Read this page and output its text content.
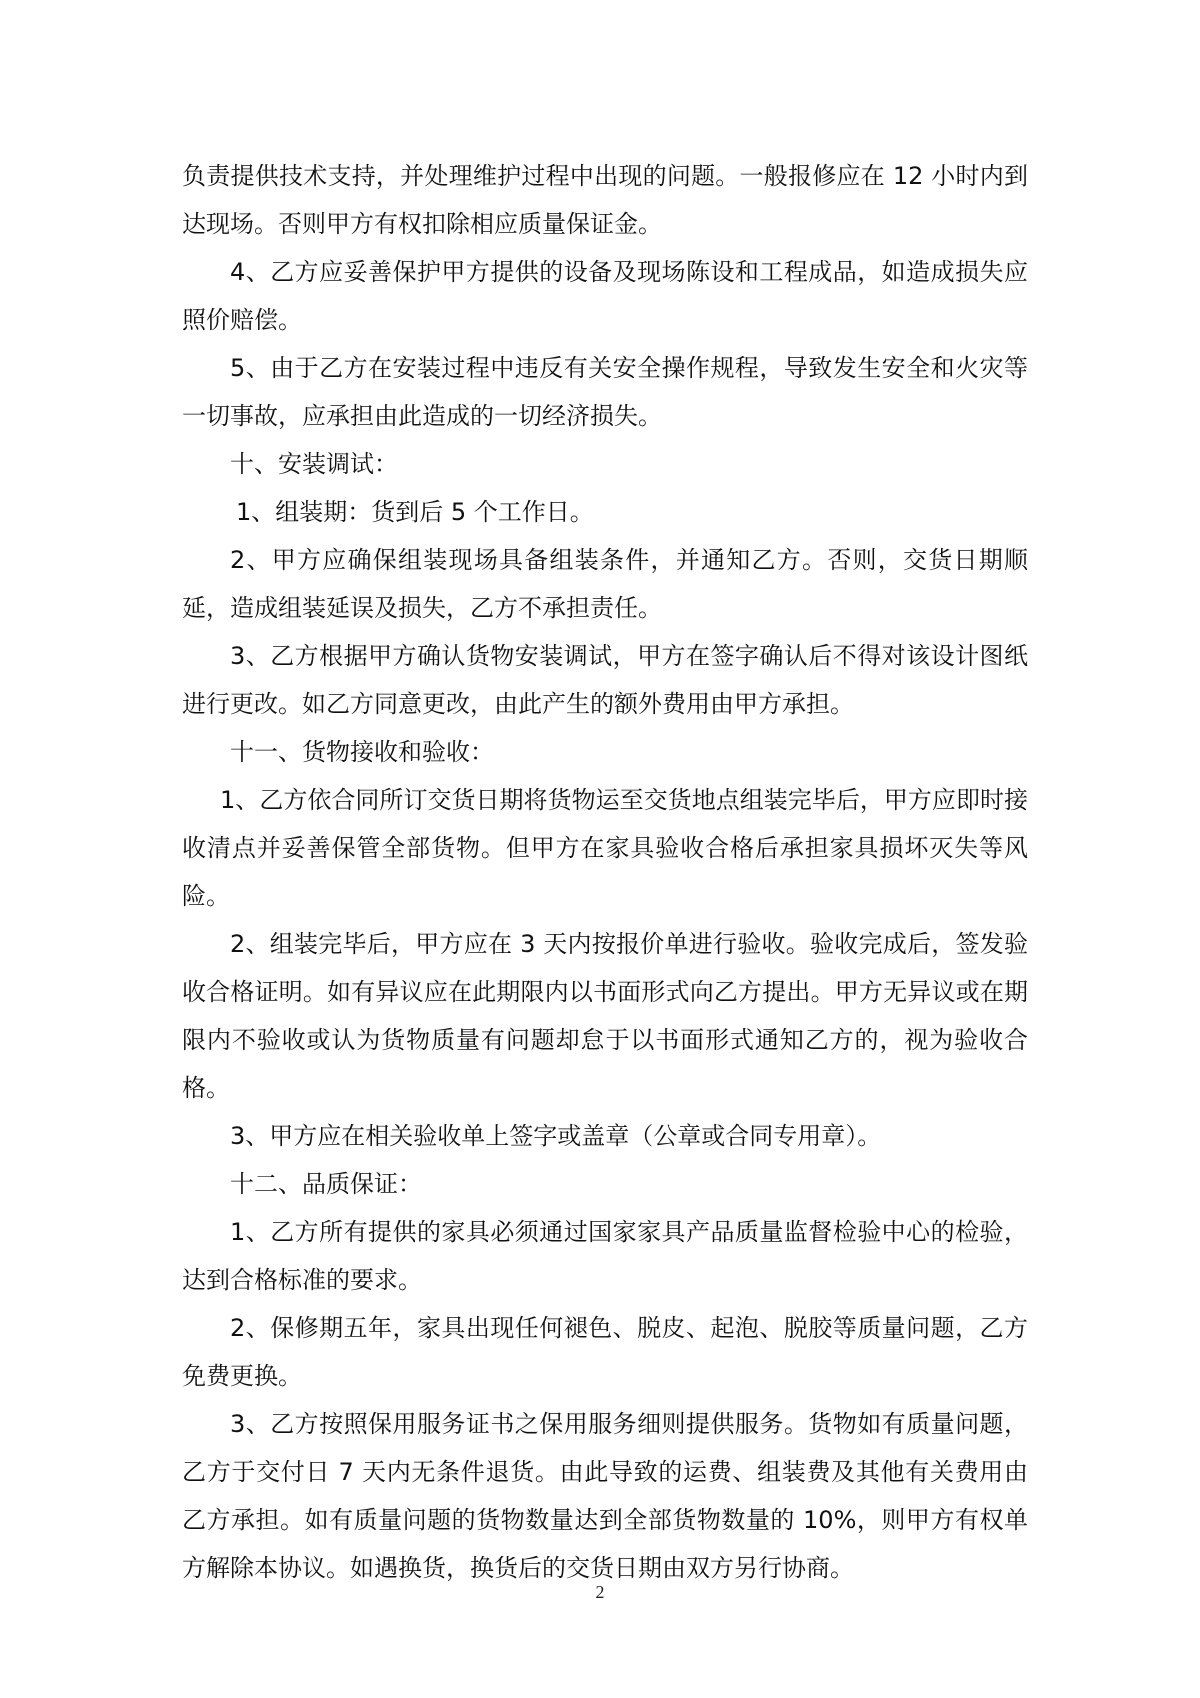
负责提供技术支持，并处理维护过程中出现的问题。一般报修应在 12 小时内到达现场。否则甲方有权扣除相应质量保证金。

4、乙方应妥善保护甲方提供的设备及现场陈设和工程成品，如造成损失应照价赔偿。

5、由于乙方在安装过程中违反有关安全操作规程，导致发生安全和火灾等一切事故，应承担由此造成的一切经济损失。

十、安装调试：

1、组装期：货到后 5 个工作日。

2、甲方应确保组装现场具备组装条件，并通知乙方。否则，交货日期顺延，造成组装延误及损失，乙方不承担责任。

3、乙方根据甲方确认货物安装调试，甲方在签字确认后不得对该设计图纸进行更改。如乙方同意更改，由此产生的额外费用由甲方承担。

十一、货物接收和验收：

1、乙方依合同所订交货日期将货物运至交货地点组装完毕后，甲方应即时接收清点并妥善保管全部货物。但甲方在家具验收合格后承担家具损坏灭失等风险。

2、组装完毕后，甲方应在 3 天内按报价单进行验收。验收完成后，签发验收合格证明。如有异议应在此期限内以书面形式向乙方提出。甲方无异议或在期限内不验收或认为货物质量有问题却怠于以书面形式通知乙方的，视为验收合格。

3、甲方应在相关验收单上签字或盖章（公章或合同专用章）。

十二、品质保证：

1、乙方所有提供的家具必须通过国家家具产品质量监督检验中心的检验，达到合格标准的要求。

2、保修期五年，家具出现任何褪色、脱皮、起泡、脱胶等质量问题，乙方免费更换。

3、乙方按照保用服务证书之保用服务细则提供服务。货物如有质量问题，乙方于交付日 7 天内无条件退货。由此导致的运费、组装费及其他有关费用由乙方承担。如有质量问题的货物数量达到全部货物数量的 10%，则甲方有权单方解除本协议。如遇换货，换货后的交货日期由双方另行协商。

2
